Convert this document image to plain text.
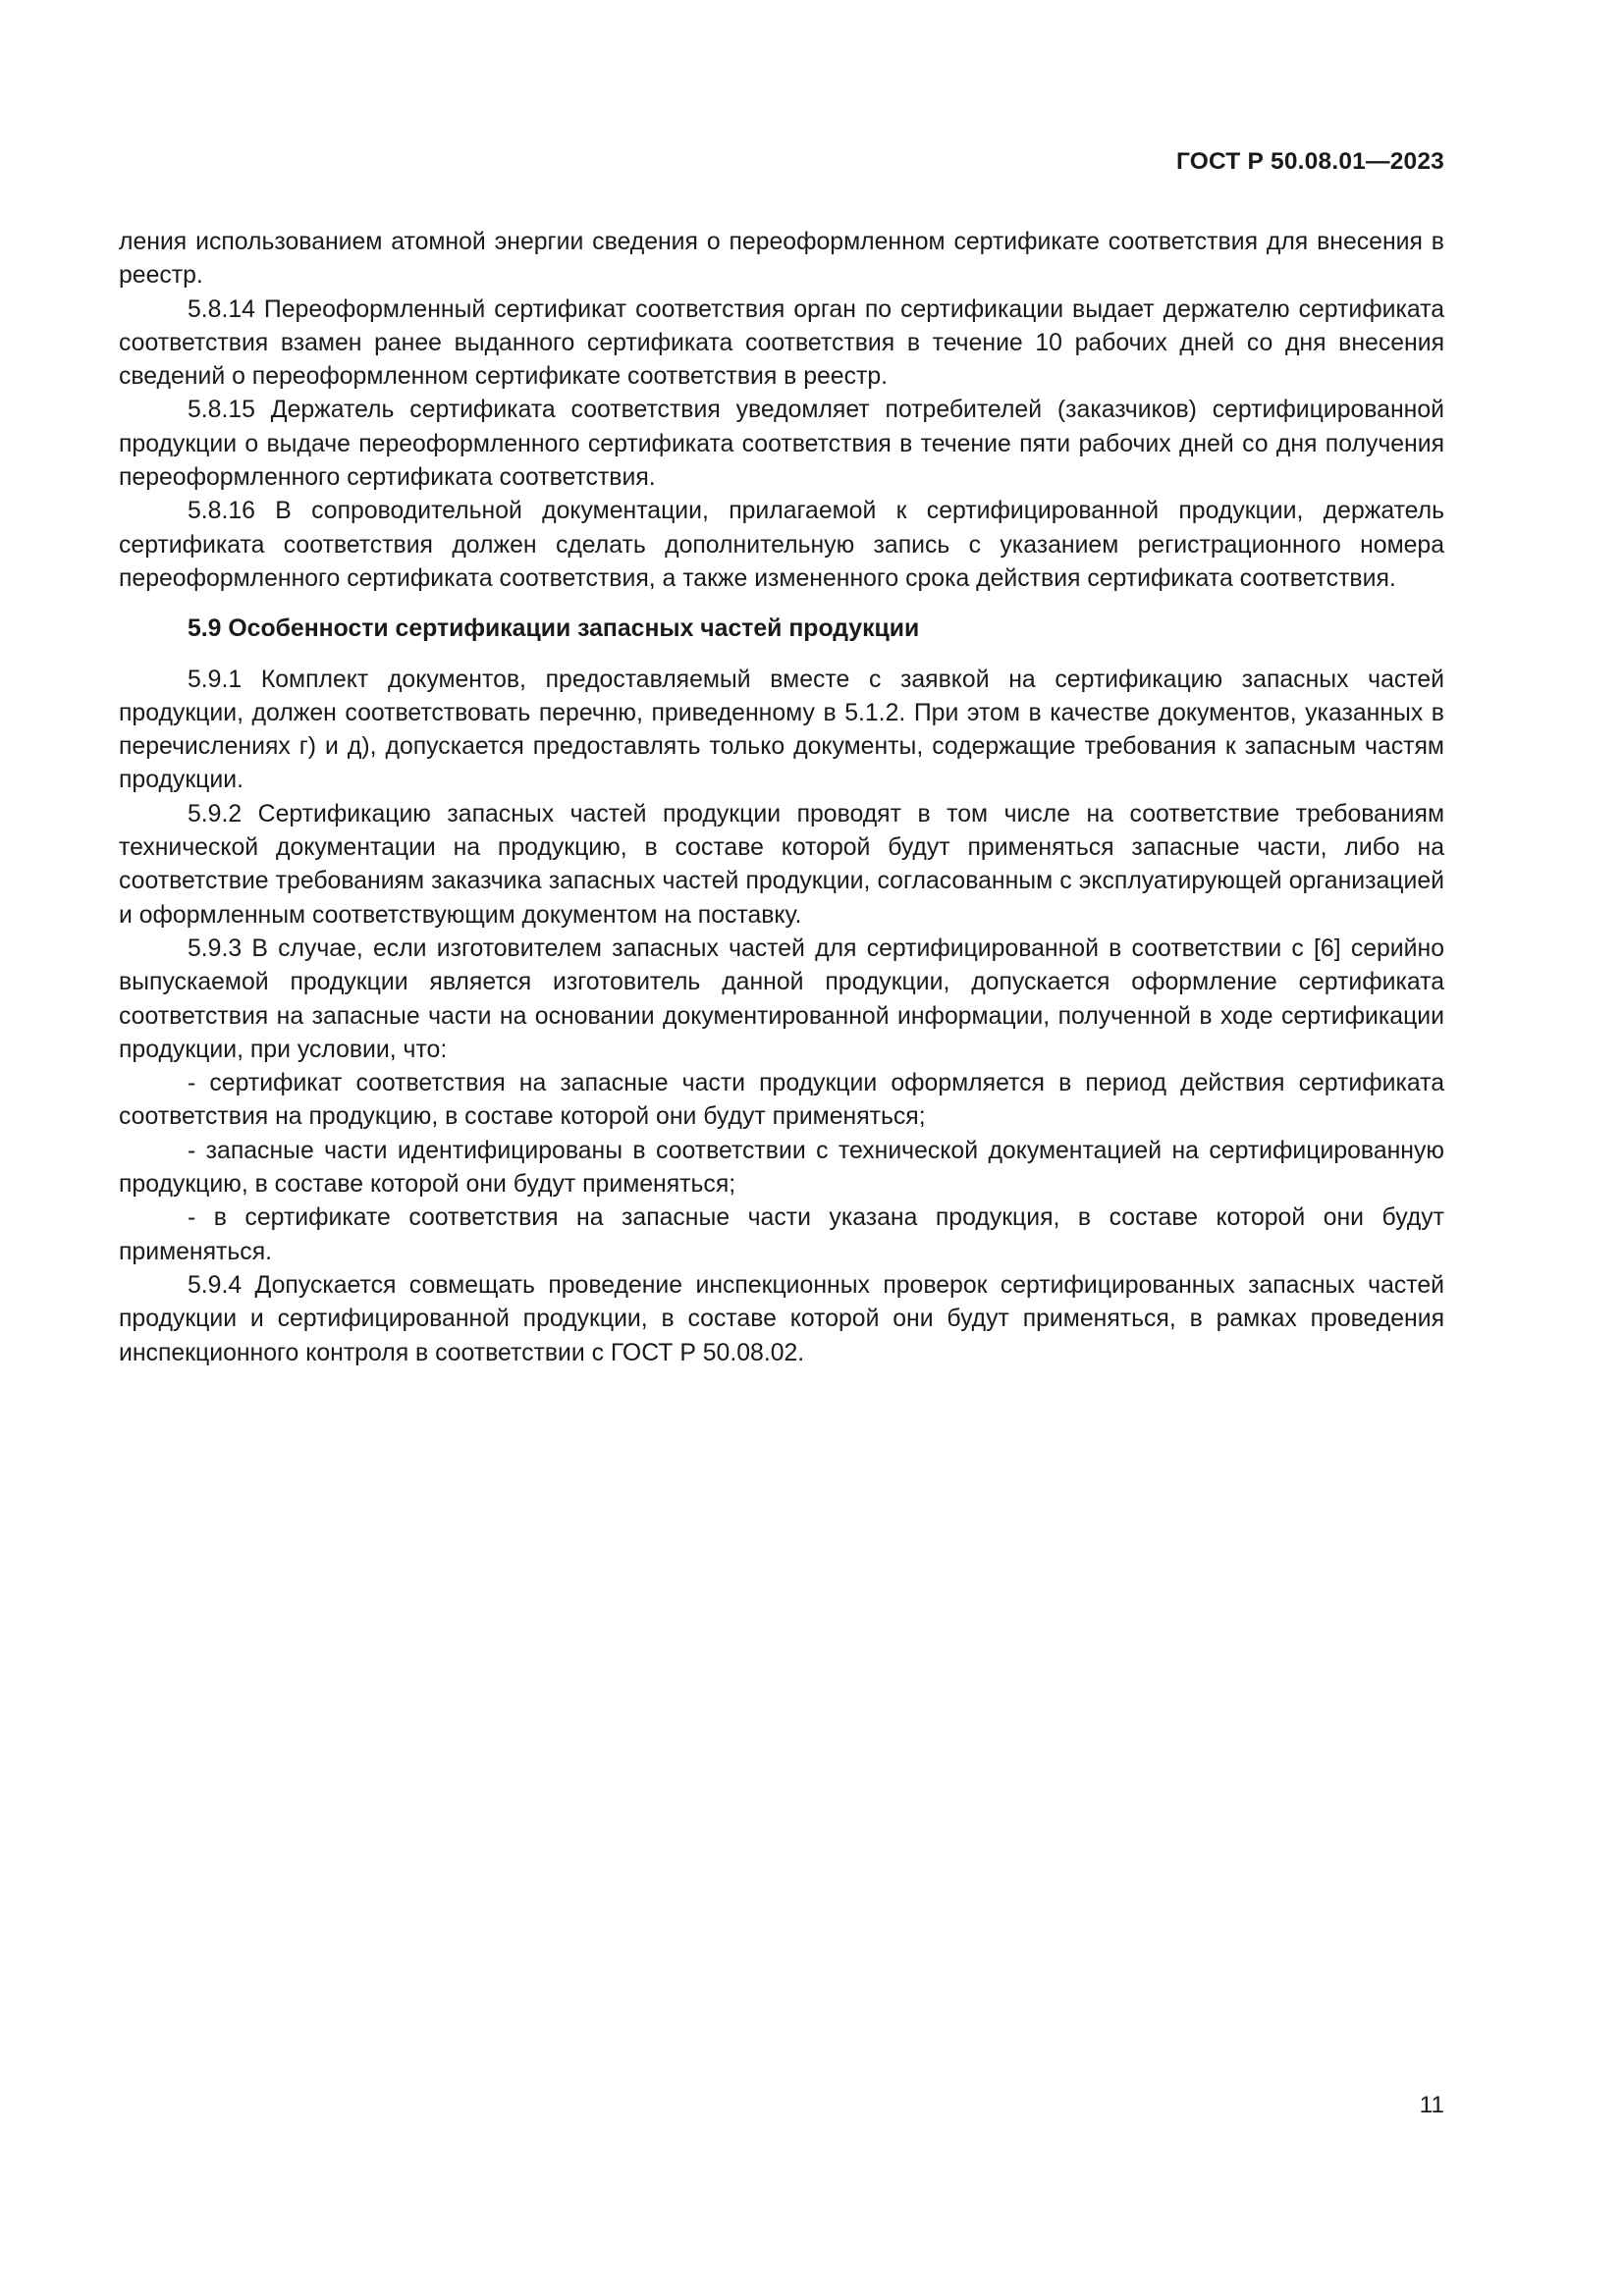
ГОСТ Р 50.08.01—2023

ления использованием атомной энергии сведения о переоформленном сертификате соответствия для внесения в реестр.

5.8.14 Переоформленный сертификат соответствия орган по сертификации выдает держателю сертификата соответствия взамен ранее выданного сертификата соответствия в течение 10 рабочих дней со дня внесения сведений о переоформленном сертификате соответствия в реестр.

5.8.15 Держатель сертификата соответствия уведомляет потребителей (заказчиков) сертифицированной продукции о выдаче переоформленного сертификата соответствия в течение пяти рабочих дней со дня получения переоформленного сертификата соответствия.

5.8.16 В сопроводительной документации, прилагаемой к сертифицированной продукции, держатель сертификата соответствия должен сделать дополнительную запись с указанием регистрационного номера переоформленного сертификата соответствия, а также измененного срока действия сертификата соответствия.

5.9 Особенности сертификации запасных частей продукции

5.9.1 Комплект документов, предоставляемый вместе с заявкой на сертификацию запасных частей продукции, должен соответствовать перечню, приведенному в 5.1.2. При этом в качестве документов, указанных в перечислениях г) и д), допускается предоставлять только документы, содержащие требования к запасным частям продукции.

5.9.2 Сертификацию запасных частей продукции проводят в том числе на соответствие требованиям технической документации на продукцию, в составе которой будут применяться запасные части, либо на соответствие требованиям заказчика запасных частей продукции, согласованным с эксплуатирующей организацией и оформленным соответствующим документом на поставку.

5.9.3 В случае, если изготовителем запасных частей для сертифицированной в соответствии с [6] серийно выпускаемой продукции является изготовитель данной продукции, допускается оформление сертификата соответствия на запасные части на основании документированной информации, полученной в ходе сертификации продукции, при условии, что:

- сертификат соответствия на запасные части продукции оформляется в период действия сертификата соответствия на продукцию, в составе которой они будут применяться;

- запасные части идентифицированы в соответствии с технической документацией на сертифицированную продукцию, в составе которой они будут применяться;

- в сертификате соответствия на запасные части указана продукция, в составе которой они будут применяться.

5.9.4 Допускается совмещать проведение инспекционных проверок сертифицированных запасных частей продукции и сертифицированной продукции, в составе которой они будут применяться, в рамках проведения инспекционного контроля в соответствии с ГОСТ Р 50.08.02.

11
